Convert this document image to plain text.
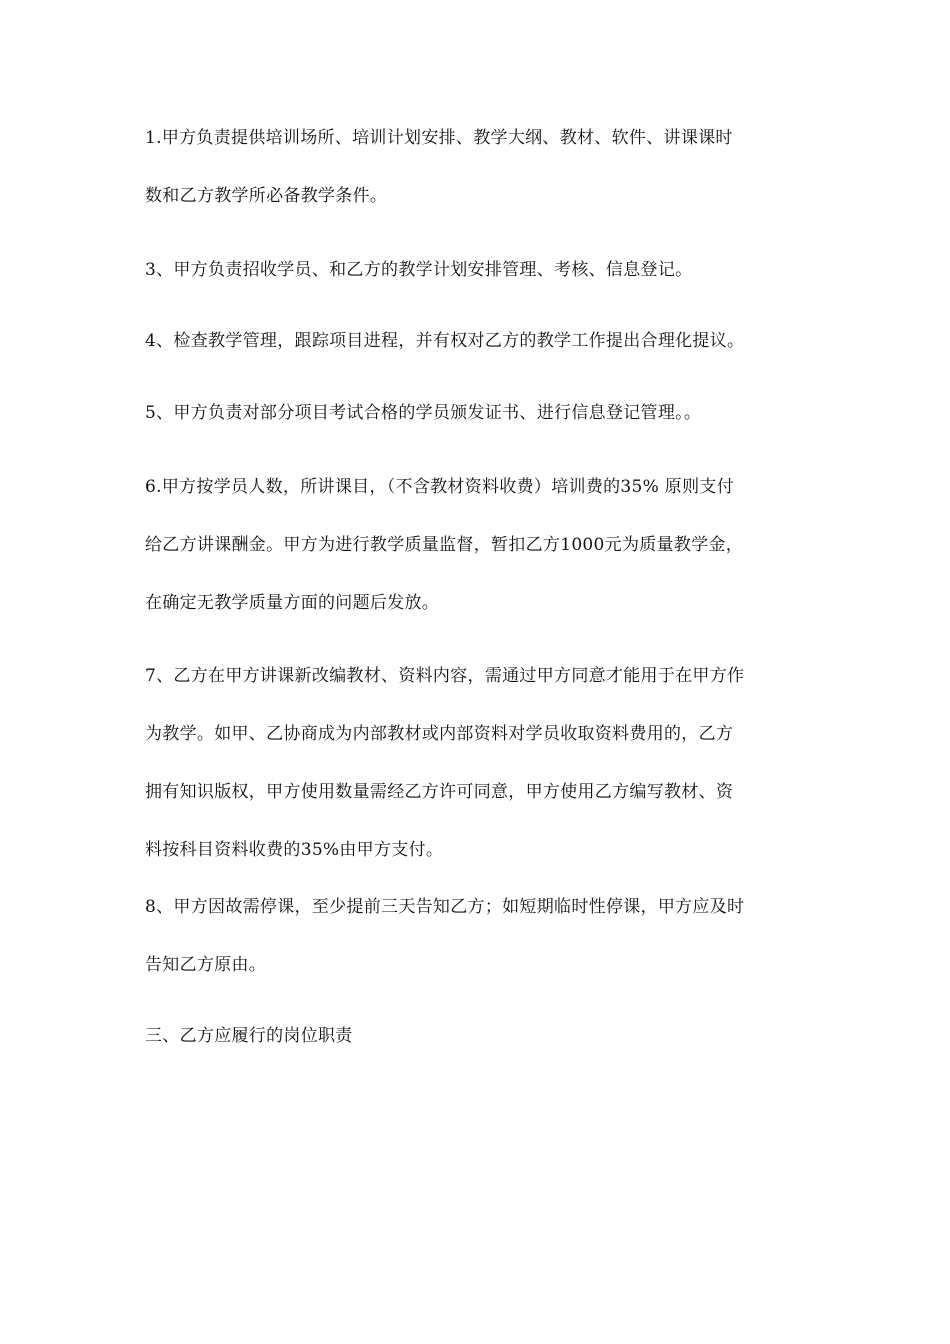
1.甲方负责提供培训场所、培训计划安排、教学大纲、教材、软件、讲课课时
数和乙方教学所必备教学条件。
3、甲方负责招收学员、和乙方的教学计划安排管理、考核、信息登记。
4、检查教学管理，跟踪项目进程，并有权对乙方的教学工作提出合理化提议。
5、甲方负责对部分项目考试合格的学员颁发证书、进行信息登记管理。。
6.甲方按学员人数，所讲课目，（不含教材资料收费）培训费的35% 原则支付
给乙方讲课酬金。甲方为进行教学质量监督，暂扣乙方1000元为质量教学金，
在确定无教学质量方面的问题后发放。
7、乙方在甲方讲课新改编教材、资料内容，需通过甲方同意才能用于在甲方作
为教学。如甲、乙协商成为内部教材或内部资料对学员收取资料费用的，乙方
拥有知识版权，甲方使用数量需经乙方许可同意，甲方使用乙方编写教材、资
料按科目资料收费的35%由甲方支付。
8、甲方因故需停课，至少提前三天告知乙方；如短期临时性停课，甲方应及时
告知乙方原由。
三、乙方应履行的岗位职责
